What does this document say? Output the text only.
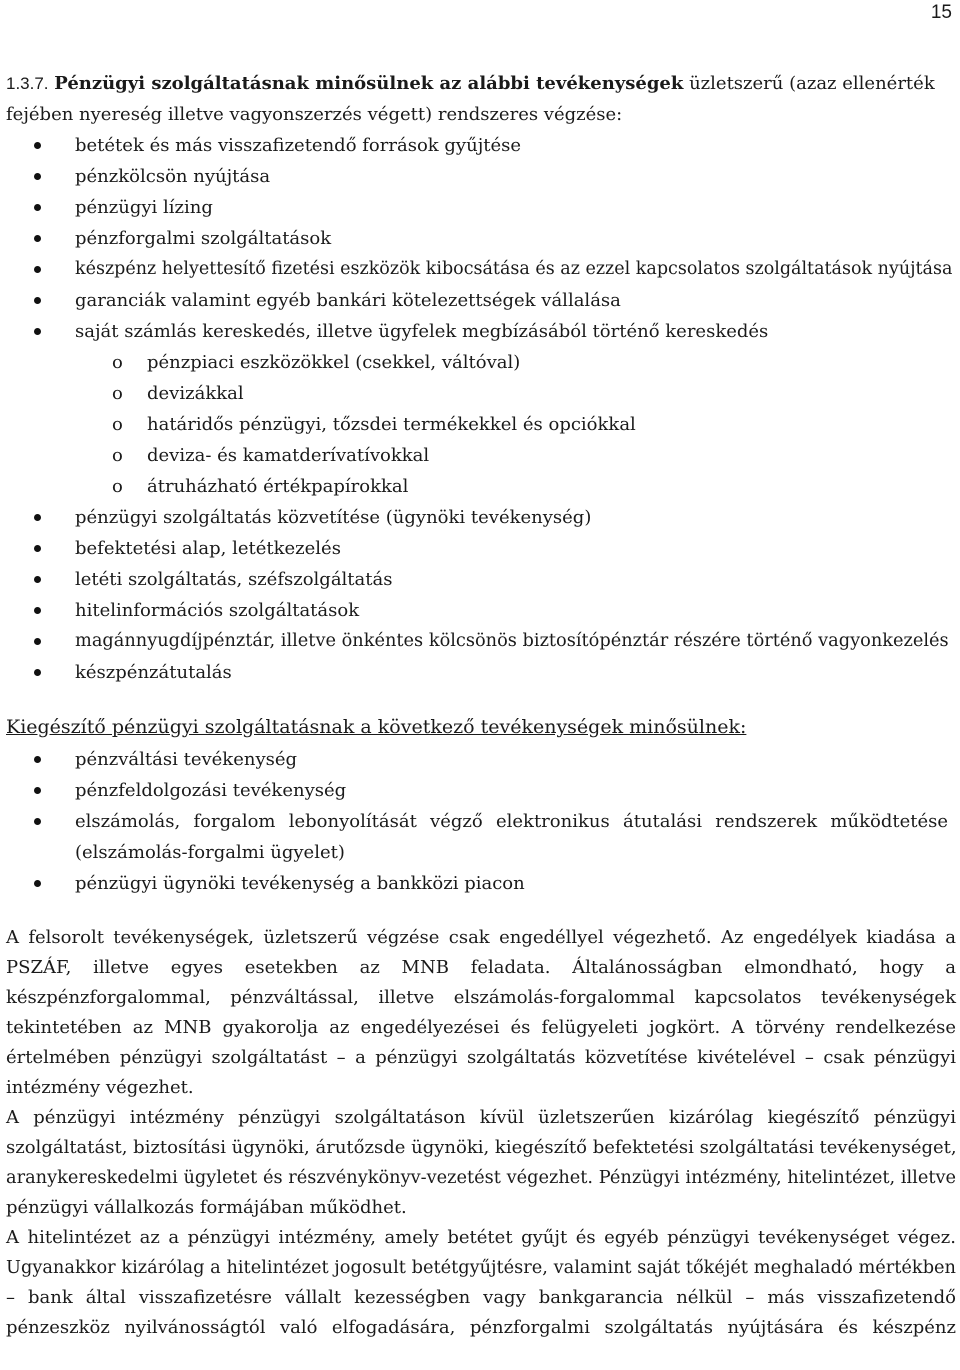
15
1.3.7. Pénzügyi szolgáltatásnak minősülnek az alábbi tevékenységek üzletszerű (azaz ellenérték
fejében nyereség illetve vagyonszerzés végett) rendszeres végzése:
betétek és más visszafizetendő források gyűjtése
pénzkölcsön nyújtása
pénzügyi lízing
pénzforgalmi szolgáltatások
készpénz helyettesítő fizetési eszközök kibocsátása és az ezzel kapcsolatos szolgáltatások nyújtása
garanciák valamint egyéb bankári kötelezettségek vállalása
saját számlás kereskedés, illetve ügyfelek megbízásából történő kereskedés
o pénzpiaci eszközökkel (csekkel, váltóval)
o devizákkal
o határidős pénzügyi, tőzsdei termékekkel és opciókkal
o deviza- és kamatderívatívokkal
o átruházható értékpapírokkal
pénzügyi szolgáltatás közvetítése (ügynöki tevékenység)
befektetési alap, letétkezelés
letéti szolgáltatás, széfszolgáltatás
hitelinformációs szolgáltatások
magánnyugdíjpénztár, illetve önkéntes kölcsönös biztosítópénztár részére történő vagyonkezelés
készpénzátutalás
Kiegészítő pénzügyi szolgáltatásnak a következő tevékenységek minősülnek:
pénzváltási tevékenység
pénzfeldolgozási tevékenység
elszámolás, forgalom lebonyolítását végző elektronikus átutalási rendszerek működtetése (elszámolás-forgalmi ügyelet)
pénzügyi ügynöki tevékenység a bankközi piacon
A felsorolt tevékenységek, üzletszerű végzése csak engedéllyel végezhető. Az engedélyek kiadása a
PSZÁF, illetve egyes esetekben az MNB feladata. Általánosságban elmondható, hogy a
készpénzforgalommal, pénzváltással, illetve elszámolás-forgalommal kapcsolatos tevékenységek
tekintetében az MNB gyakorolja az engedélyezései és felügyeleti jogkört. A törvény rendelkezése
értelmében pénzügyi szolgáltatást – a pénzügyi szolgáltatás közvetítése kivételével – csak pénzügyi
intézmény végezhet.
A pénzügyi intézmény pénzügyi szolgáltatáson kívül üzletszerűen kizárólag kiegészítő pénzügyi
szolgáltatást, biztosítási ügynöki, árutőzsde ügynöki, kiegészítő befektetési szolgáltatási tevékenységet,
aranykereskedelmi ügyletet és részvénykönyv-vezetést végezhet. Pénzügyi intézmény, hitelintézet, illetve
pénzügyi vállalkozás formájában működhet.
A hitelintézet az a pénzügyi intézmény, amely betétet gyűjt és egyéb pénzügyi tevékenységet végez.
Ugyanakkor kizárólag a hitelintézet jogosult betétgyűjtésre, valamint saját tőkéjét meghaladó mértékben
– bank által visszafizetésre vállalt kezességben vagy bankgarancia nélkül – más visszafizetendő
pénzeszköz nyilvánosságtól való elfogadására, pénzforgalmi szolgáltatás nyújtására és készpénz
